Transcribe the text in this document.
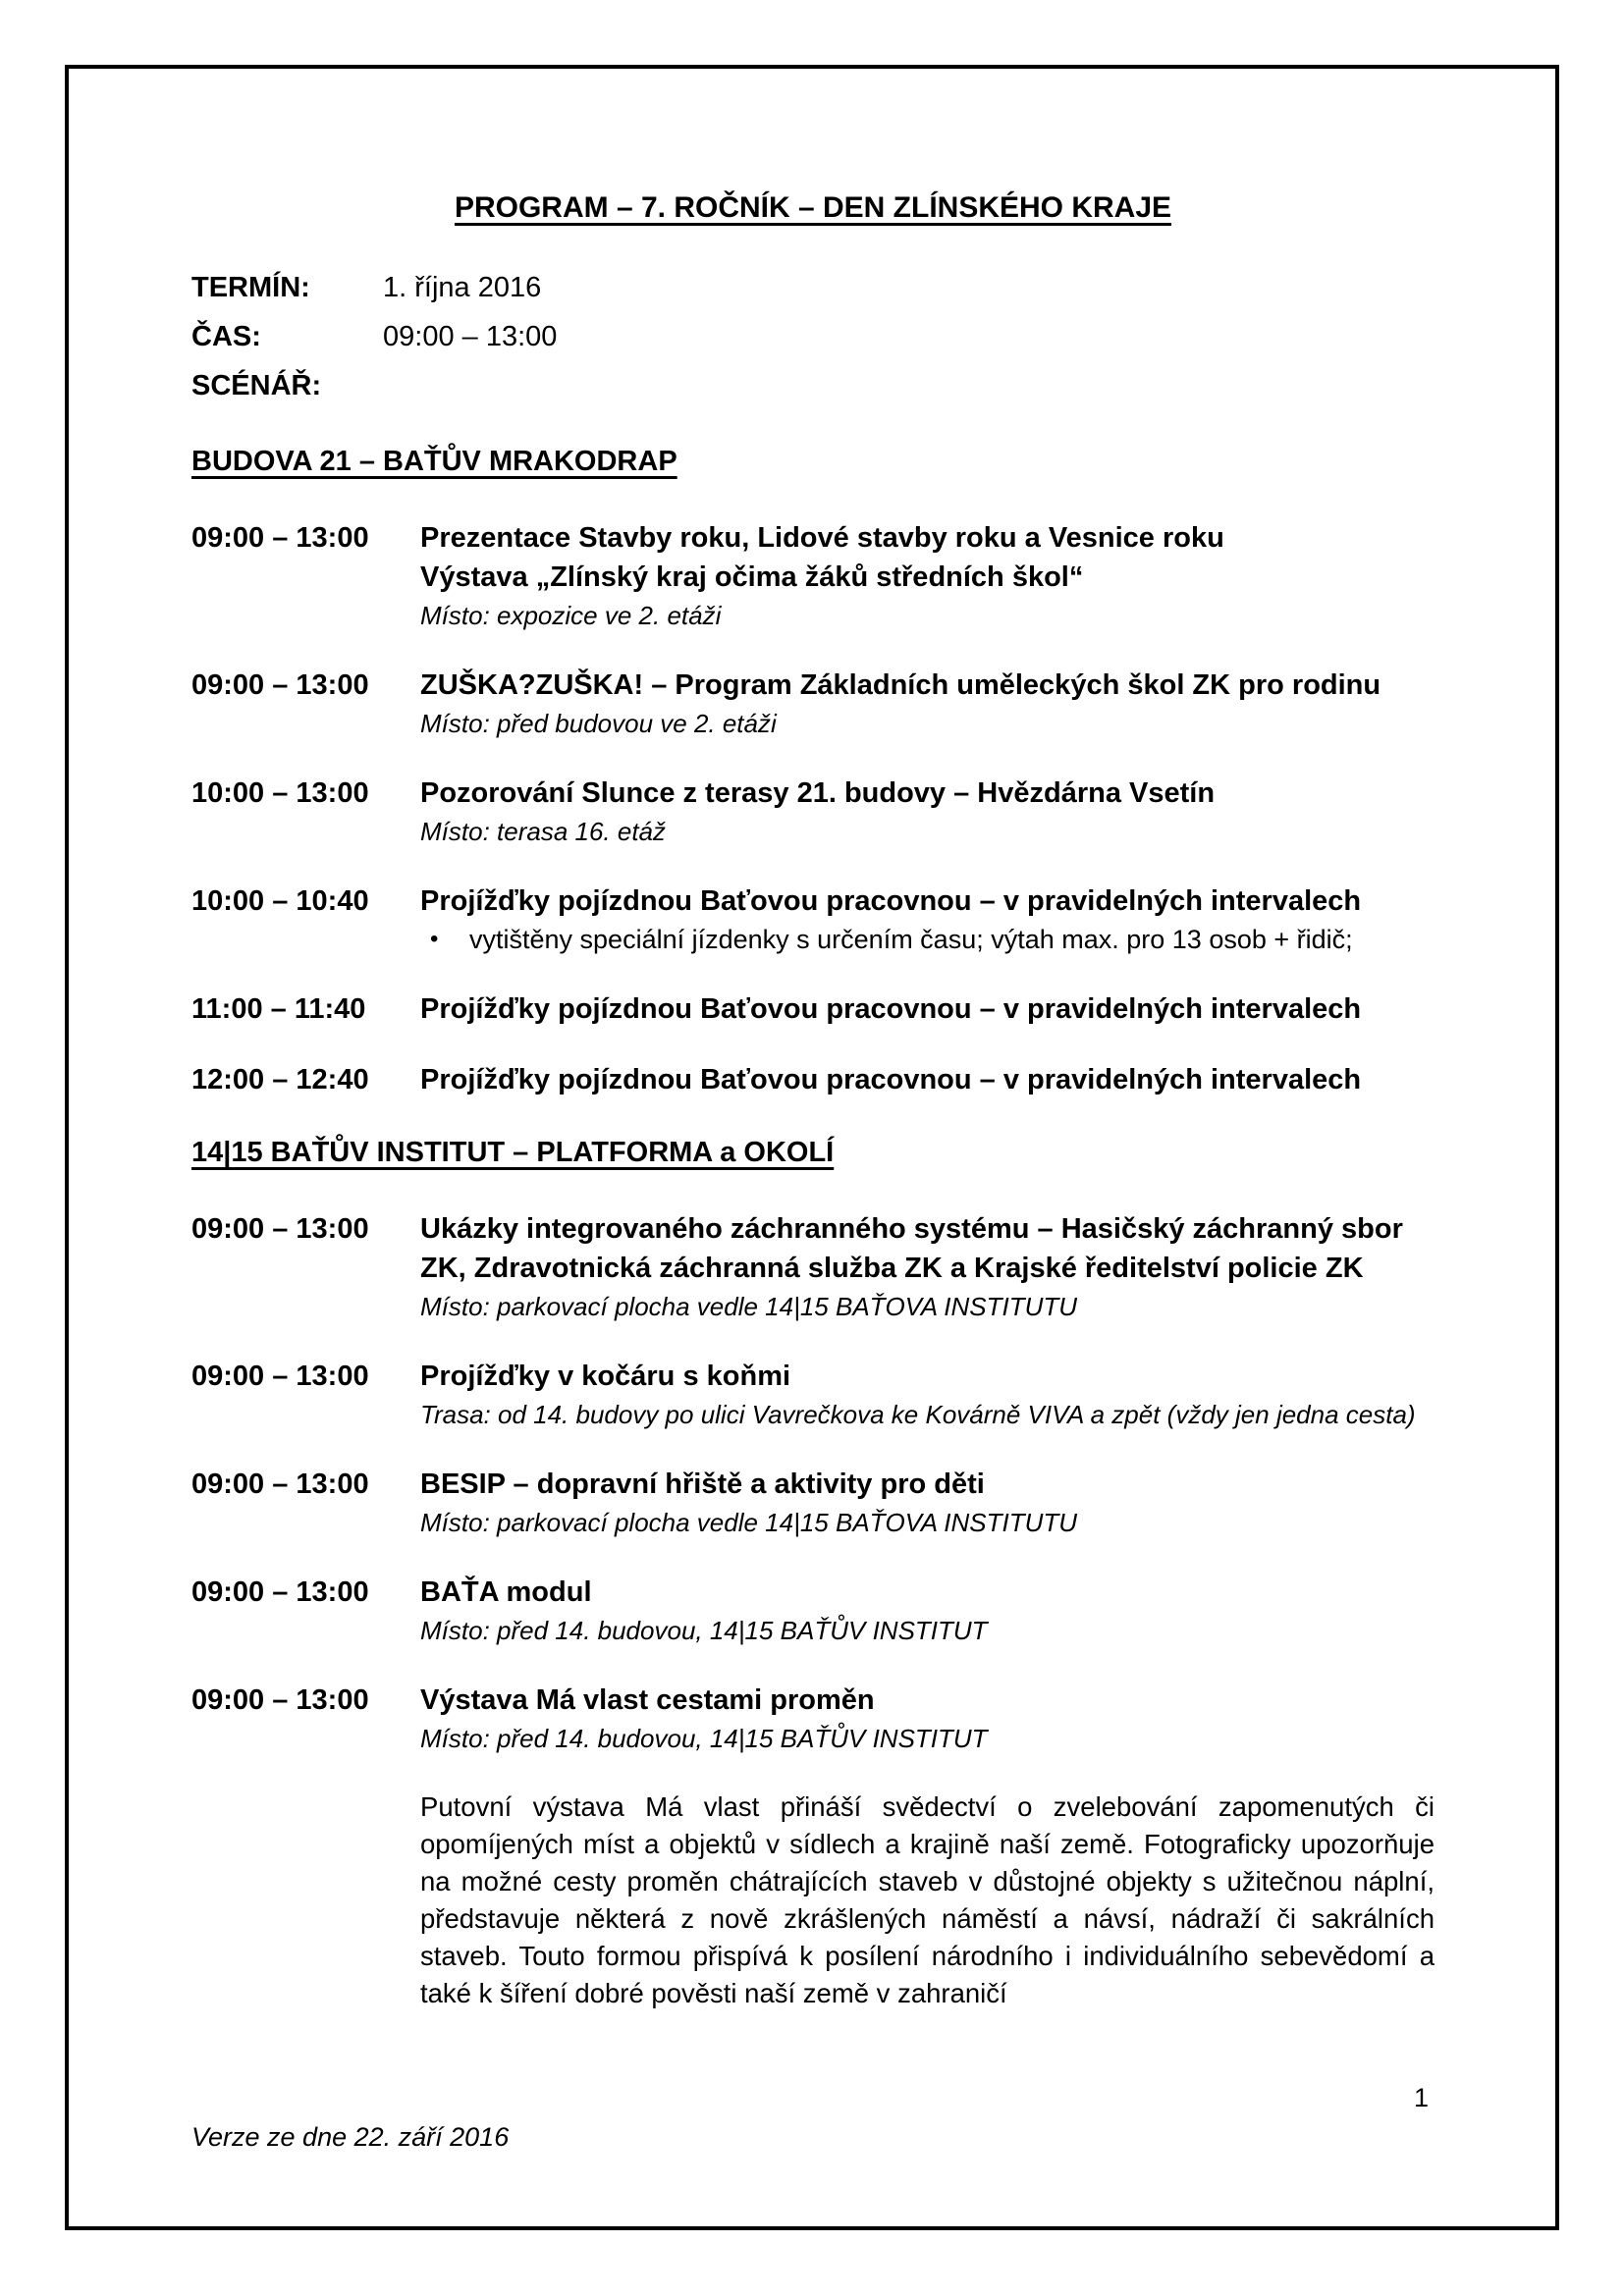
PROGRAM – 7. ROČNÍK – DEN ZLÍNSKÉHO KRAJE
TERMÍN:	1. října 2016
ČAS:	09:00 – 13:00
SCÉNÁŘ:
BUDOVA 21 – BAŤŮV MRAKODRAP
09:00 – 13:00	Prezentace Stavby roku, Lidové stavby roku a Vesnice roku
Výstava „Zlínský kraj očima žáků středních škol“
Místo: expozice ve 2. etáži
09:00 – 13:00	ZUŠKA?ZUŠKA! – Program Základních uměleckých škol ZK pro rodinu
Místo: před budovou ve 2. etáži
10:00 – 13:00	Pozorování Slunce z terasy 21. budovy – Hvězdárna Vsetín
Místo: terasa 16. etáž
10:00 – 10:40	Projížďky pojízdnou Baťovou pracovnou – v pravidelných intervalech
•	vytištěny speciální jízdenky s určením času; výtah max. pro 13 osob + řidič;
11:00 – 11:40	Projížďky pojízdnou Baťovou pracovnou – v pravidelných intervalech
12:00 – 12:40	Projížďky pojízdnou Baťovou pracovnou – v pravidelných intervalech
14|15 BAŤŮV INSTITUT – PLATFORMA a OKOLÍ
09:00 – 13:00	Ukázky integrovaného záchranného systému – Hasičský záchranný sbor
ZK, Zdravotnická záchranná služba ZK a Krajské ředitelství policie ZK
Místo: parkovací plocha vedle 14|15 BAŤOVA INSTITUTU
09:00 – 13:00	Projížďky v kočáru s koňmi
Trasa: od 14. budovy po ulici Vavrečkova ke Kovárně VIVA a zpět (vždy jen jedna cesta)
09:00 – 13:00	BESIP – dopravní hřiště a aktivity pro děti
Místo: parkovací plocha vedle 14|15 BAŤOVA INSTITUTU
09:00 – 13:00	BAŤA modul
Místo: před 14. budovou, 14|15 BAŤŮV INSTITUT
09:00 – 13:00	Výstava Má vlast cestami proměn
Místo: před 14. budovou, 14|15 BAŤŮV INSTITUT
Putovní výstava Má vlast přináší svědectví o zvelebování zapomenutých či opomíjených míst a objektů v sídlech a krajině naší země. Fotograficky upozorňuje na možné cesty proměn chátrajících staveb v důstojné objekty s užitečnou náplní, představuje některá z nově zkrášlených náměstí a návsí, nádraží či sakrálních staveb. Touto formou přispívá k posílení národního i individuálního sebevědomí a také k šíření dobré pověsti naší země v zahraničí
1
Verze ze dne 22. září 2016
